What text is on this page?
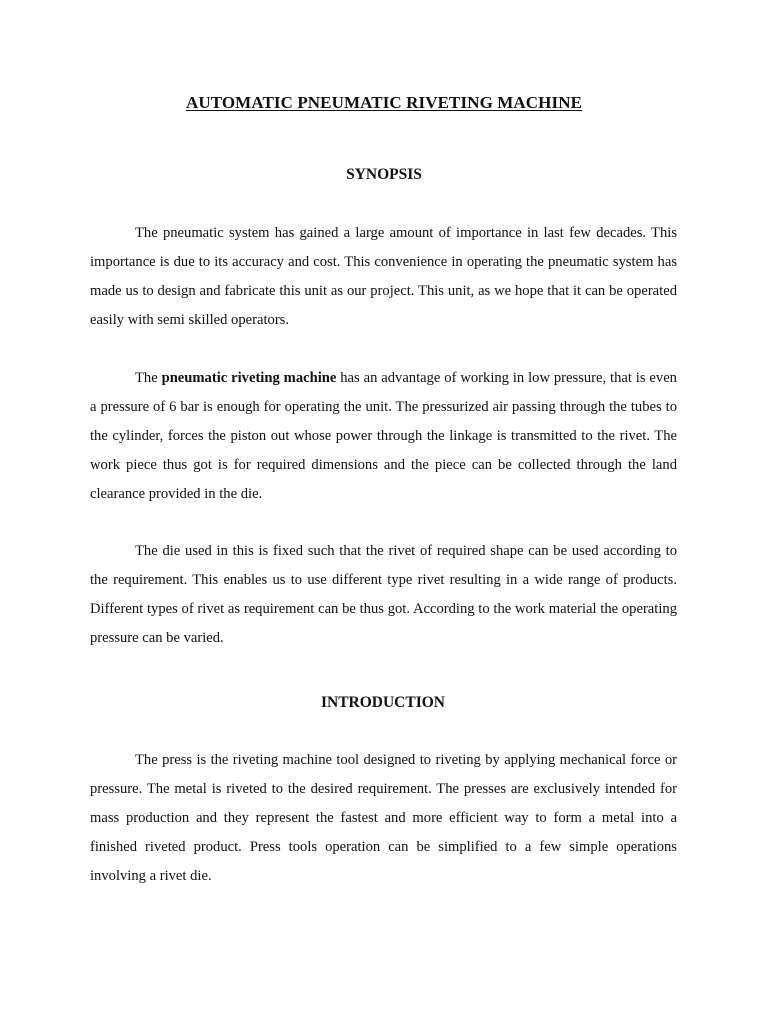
AUTOMATIC PNEUMATIC RIVETING MACHINE
SYNOPSIS

The pneumatic system has gained a large amount of importance in last few decades. This importance is due to its accuracy and cost. This convenience in operating the pneumatic system has made us to design and fabricate this unit as our project. This unit, as we hope that it can be operated easily with semi skilled operators.

The pneumatic riveting machine has an advantage of working in low pressure, that is even a pressure of 6 bar is enough for operating the unit. The pressurized air passing through the tubes to the cylinder, forces the piston out whose power through the linkage is transmitted to the rivet. The work piece thus got is for required dimensions and the piece can be collected through the land clearance provided in the die.

The die used in this is fixed such that the rivet of required shape can be used according to the requirement. This enables us to use different type rivet resulting in a wide range of products. Different types of rivet as requirement can be thus got. According to the work material the operating pressure can be varied.

INTRODUCTION

The press is the riveting machine tool designed to riveting by applying mechanical force or pressure. The metal is riveted to the desired requirement. The presses are exclusively intended for mass production and they represent the fastest and more efficient way to form a metal into a finished riveted product. Press tools operation can be simplified to a few simple operations involving a rivet die.
